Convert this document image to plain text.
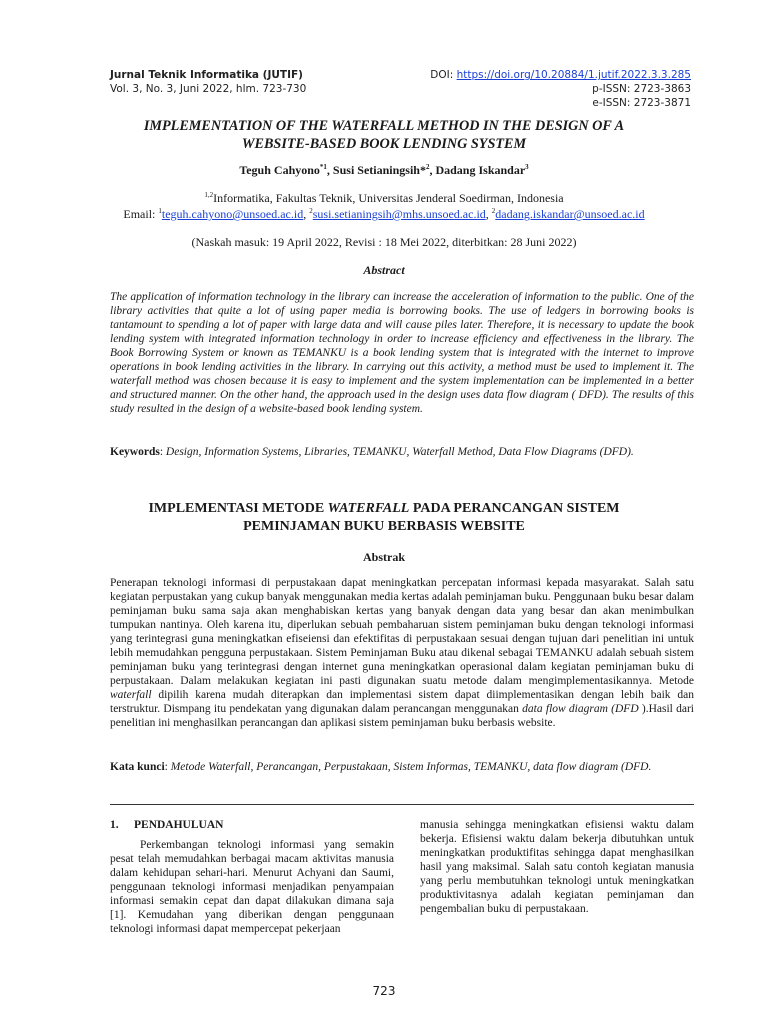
Jurnal Teknik Informatika (JUTIF)
Vol. 3, No. 3, Juni 2022, hlm. 723-730
DOI: https://doi.org/10.20884/1.jutif.2022.3.3.285
p-ISSN: 2723-3863
e-ISSN: 2723-3871
IMPLEMENTATION OF THE WATERFALL METHOD IN THE DESIGN OF A WEBSITE-BASED BOOK LENDING SYSTEM

Teguh Cahyono$^{*1}$, Susi Setianingsih*$^2$, Dadang Iskandar$^3$

$^{1,2}$Informatika, Fakultas Teknik, Universitas Jenderal Soedirman, Indonesia
Email: $^1$teguh.cahyono@unsoed.ac.id, $^2$susi.setianingsih@mhs.unsoed.ac.id, $^2$dadang.iskandar@unsoed.ac.id
(Naskah masuk: 19 April 2022, Revisi : 18 Mei 2022, diterbitkan: 28 Juni 2022)
Abstract

The application of information technology in the library can increase the acceleration of information to the public. One of the library activities that quite a lot of using paper media is borrowing books. The use of ledgers in borrowing books is tantamount to spending a lot of paper with large data and will cause piles later. Therefore, it is necessary to update the book lending system with integrated information technology in order to increase efficiency and effectiveness in the library. The Book Borrowing System or known as TEMANKU is a book lending system that is integrated with the internet to improve operations in book lending activities in the library. In carrying out this activity, a method must be used to implement it. The waterfall method was chosen because it is easy to implement and the system implementation can be implemented in a better and structured manner. On the other hand, the approach used in the design uses data flow diagram ( DFD). The results of this study resulted in the design of a website-based book lending system.

Keywords: Design, Information Systems, Libraries, TEMANKU, Waterfall Method, Data Flow Diagrams (DFD).

IMPLEMENTASI METODE WATERFALL PADA PERANCANGAN SISTEM PEMINJAMAN BUKU BERBASIS WEBSITE
Abstrak

Penerapan teknologi informasi di perpustakaan dapat meningkatkan percepatan informasi kepada masyarakat. Salah satu kegiatan perpustakan yang cukup banyak menggunakan media kertas adalah peminjaman buku. Penggunaan buku besar dalam peminjaman buku sama saja akan menghabiskan kertas yang banyak dengan data yang besar dan akan menimbulkan tumpukan nantinya. Oleh karena itu, diperlukan sebuah pembaharuan sistem peminjaman buku dengan teknologi informasi yang terintegrasi guna meningkatkan efiseiensi dan efektifitas di perpustakaan sesuai dengan tujuan dari penelitian ini untuk lebih memudahkan pengguna perpustakaan. Sistem Peminjaman Buku atau dikenal sebagai TEMANKU adalah sebuah sistem peminjaman buku yang terintegrasi dengan internet guna meningkatkan operasional dalam kegiatan peminjaman buku di perpustakaan. Dalam melakukan kegiatan ini pasti digunakan suatu metode dalam mengimplementasikannya. Metode waterfall dipilih karena mudah diterapkan dan implementasi sistem dapat diimplementasikan dengan lebih baik dan terstruktur. Dismpang itu pendekatan yang digunakan dalam perancangan menggunakan data flow diagram (DFD ).Hasil dari penelitian ini menghasilkan perancangan dan aplikasi sistem peminjaman buku berbasis website.

Kata kunci: Metode Waterfall, Perancangan, Perpustakaan, Sistem Informas, TEMANKU, data flow diagram (DFD.

1. PENDAHULUAN

Perkembangan teknologi informasi yang semakin pesat telah memudahkan berbagai macam aktivitas manusia dalam kehidupan sehari-hari. Menurut Achyani dan Saumi, penggunaan teknologi informasi menjadikan penyampaian informasi semakin cepat dan dapat dilakukan dimana saja [1]. Kemudahan yang diberikan dengan penggunaan teknologi informasi dapat mempercepat pekerjaan

manusia sehingga meningkatkan efisiensi waktu dalam bekerja. Efisiensi waktu dalam bekerja dibutuhkan untuk meningkatkan produktifitas sehingga dapat menghasilkan hasil yang maksimal. Salah satu contoh kegiatan manusia yang perlu membutuhkan teknologi untuk meningkatkan produktivitasnya adalah kegiatan peminjaman dan pengembalian buku di perpustakaan.

723
